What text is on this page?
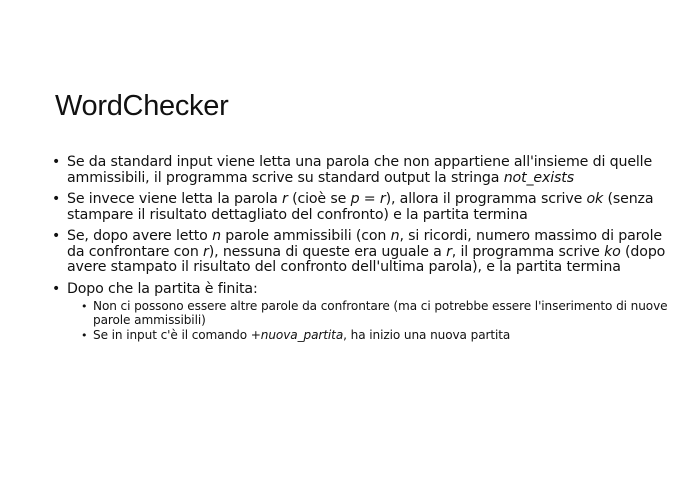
WordChecker
• Se da standard input viene letta una parola che non appartiene all'insieme di quelle ammissibili, il programma scrive su standard output la stringa not_exists
• Se invece viene letta la parola r (cioè se p = r), allora il programma scrive ok (senza stampare il risultato dettagliato del confronto) e la partita termina
• Se, dopo avere letto n parole ammissibili (con n, si ricordi, numero massimo di parole da confrontare con r), nessuna di queste era uguale a r, il programma scrive ko (dopo avere stampato il risultato del confronto dell'ultima parola), e la partita termina
• Dopo che la partita è finita:
• Non ci possono essere altre parole da confrontare (ma ci potrebbe essere l'inserimento di nuove parole ammissibili)
• Se in input c'è il comando +nuova_partita, ha inizio una nuova partita
